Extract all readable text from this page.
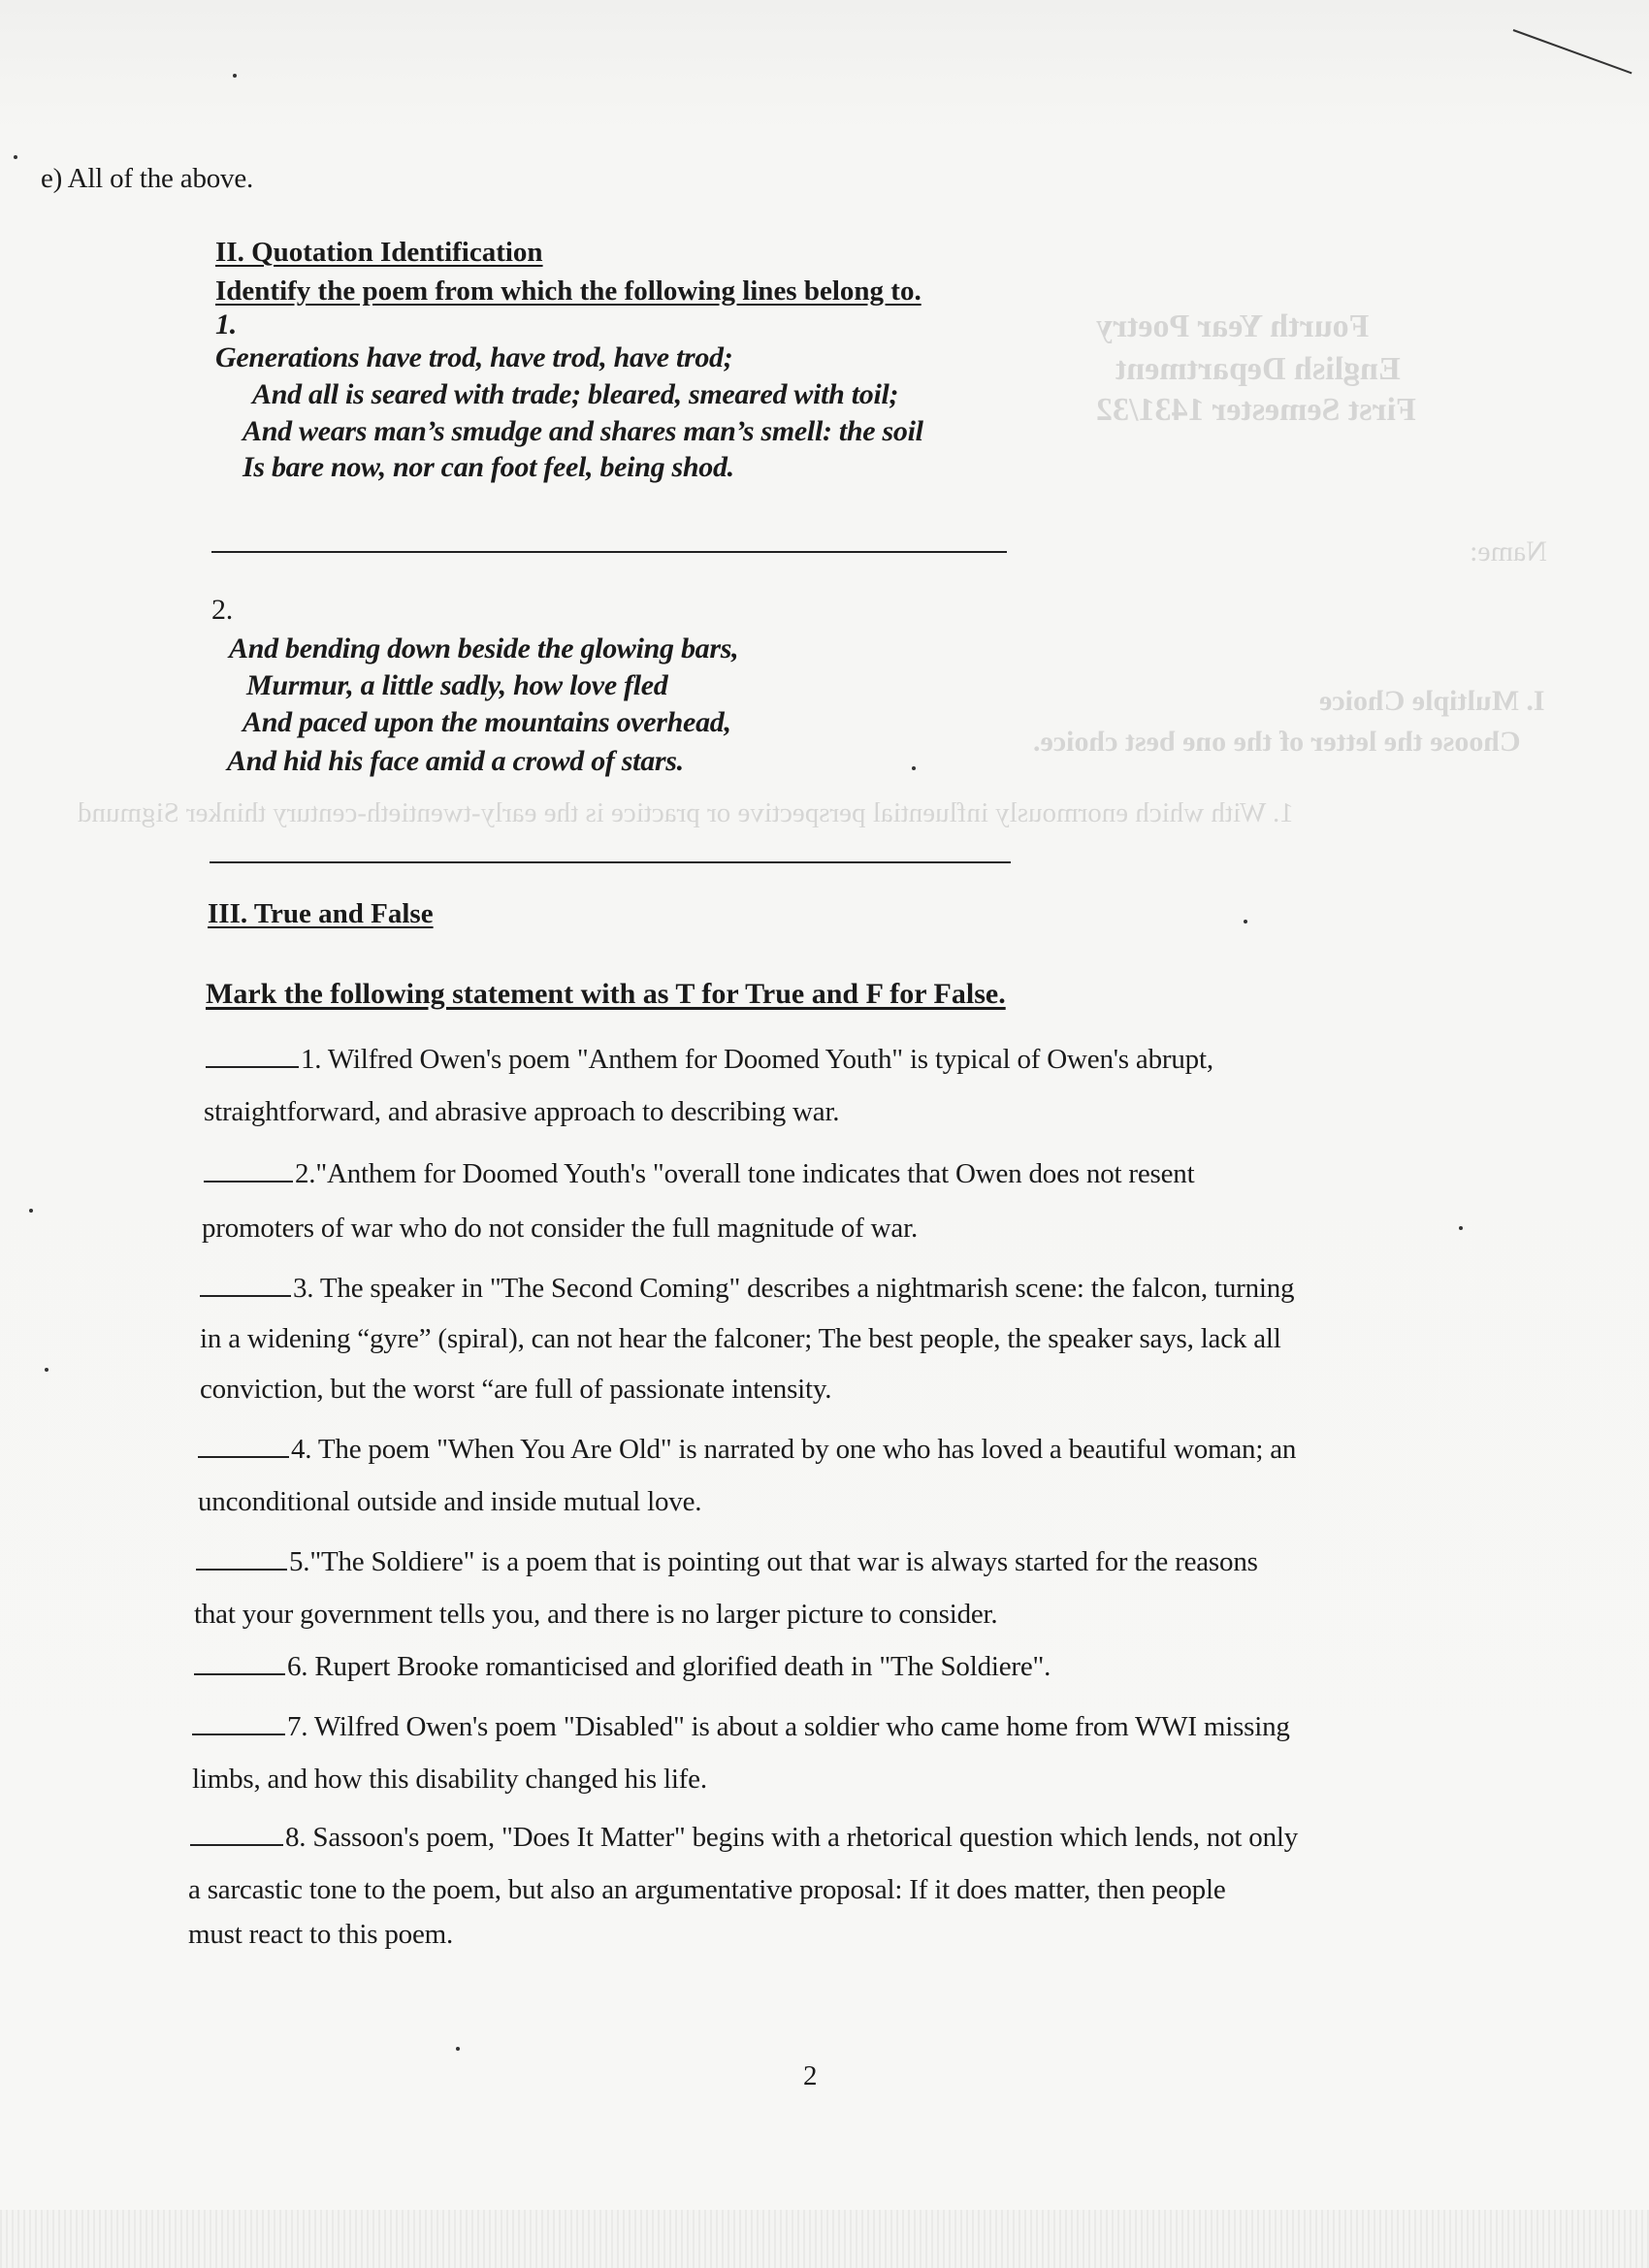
Fourth Year Poetry
English Department
First Semester 1431/32
Name:
I. Multiple Choice
Choose the letter of the one best choice.
1. With which enormously influential perspective or practice is the early-twentieth-century thinker Sigmund
e) All of the above.
II. Quotation Identification
Identify the poem from which the following lines belong to.
1.
Generations have trod, have trod, have trod;
And all is seared with trade; bleared, smeared with toil;
And wears man’s smudge and shares man’s smell: the soil
Is bare now, nor can foot feel, being shod.
2.
And bending down beside the glowing bars,
Murmur, a little sadly, how love fled
And paced upon the mountains overhead,
And hid his face amid a crowd of stars.
III. True and False
Mark the following statement with as T for True and F for False.
1. Wilfred Owen's poem "Anthem for Doomed Youth" is typical of Owen's abrupt,
straightforward, and abrasive approach to describing war.
2."Anthem for Doomed Youth's "overall tone indicates that Owen does not resent
promoters of war who do not consider the full magnitude of war.
3. The speaker in "The Second Coming" describes a nightmarish scene: the falcon, turning
in a widening “gyre” (spiral), can not hear the falconer; The best people, the speaker says, lack all
conviction, but the worst “are full of passionate intensity.
4. The poem "When You Are Old" is narrated by one who has loved a beautiful woman; an
unconditional outside and inside mutual love.
5."The Soldiere" is a poem that is pointing out that war is always started for the reasons
that your government tells you, and there is no larger picture to consider.
6. Rupert Brooke romanticised and glorified death in "The Soldiere".
7. Wilfred Owen's poem "Disabled" is about a soldier who came home from WWI missing
limbs, and how this disability changed his life.
8. Sassoon's poem, "Does It Matter" begins with a rhetorical question which lends, not only
a sarcastic tone to the poem, but also an argumentative proposal: If it does matter, then people
must react to this poem.
2
